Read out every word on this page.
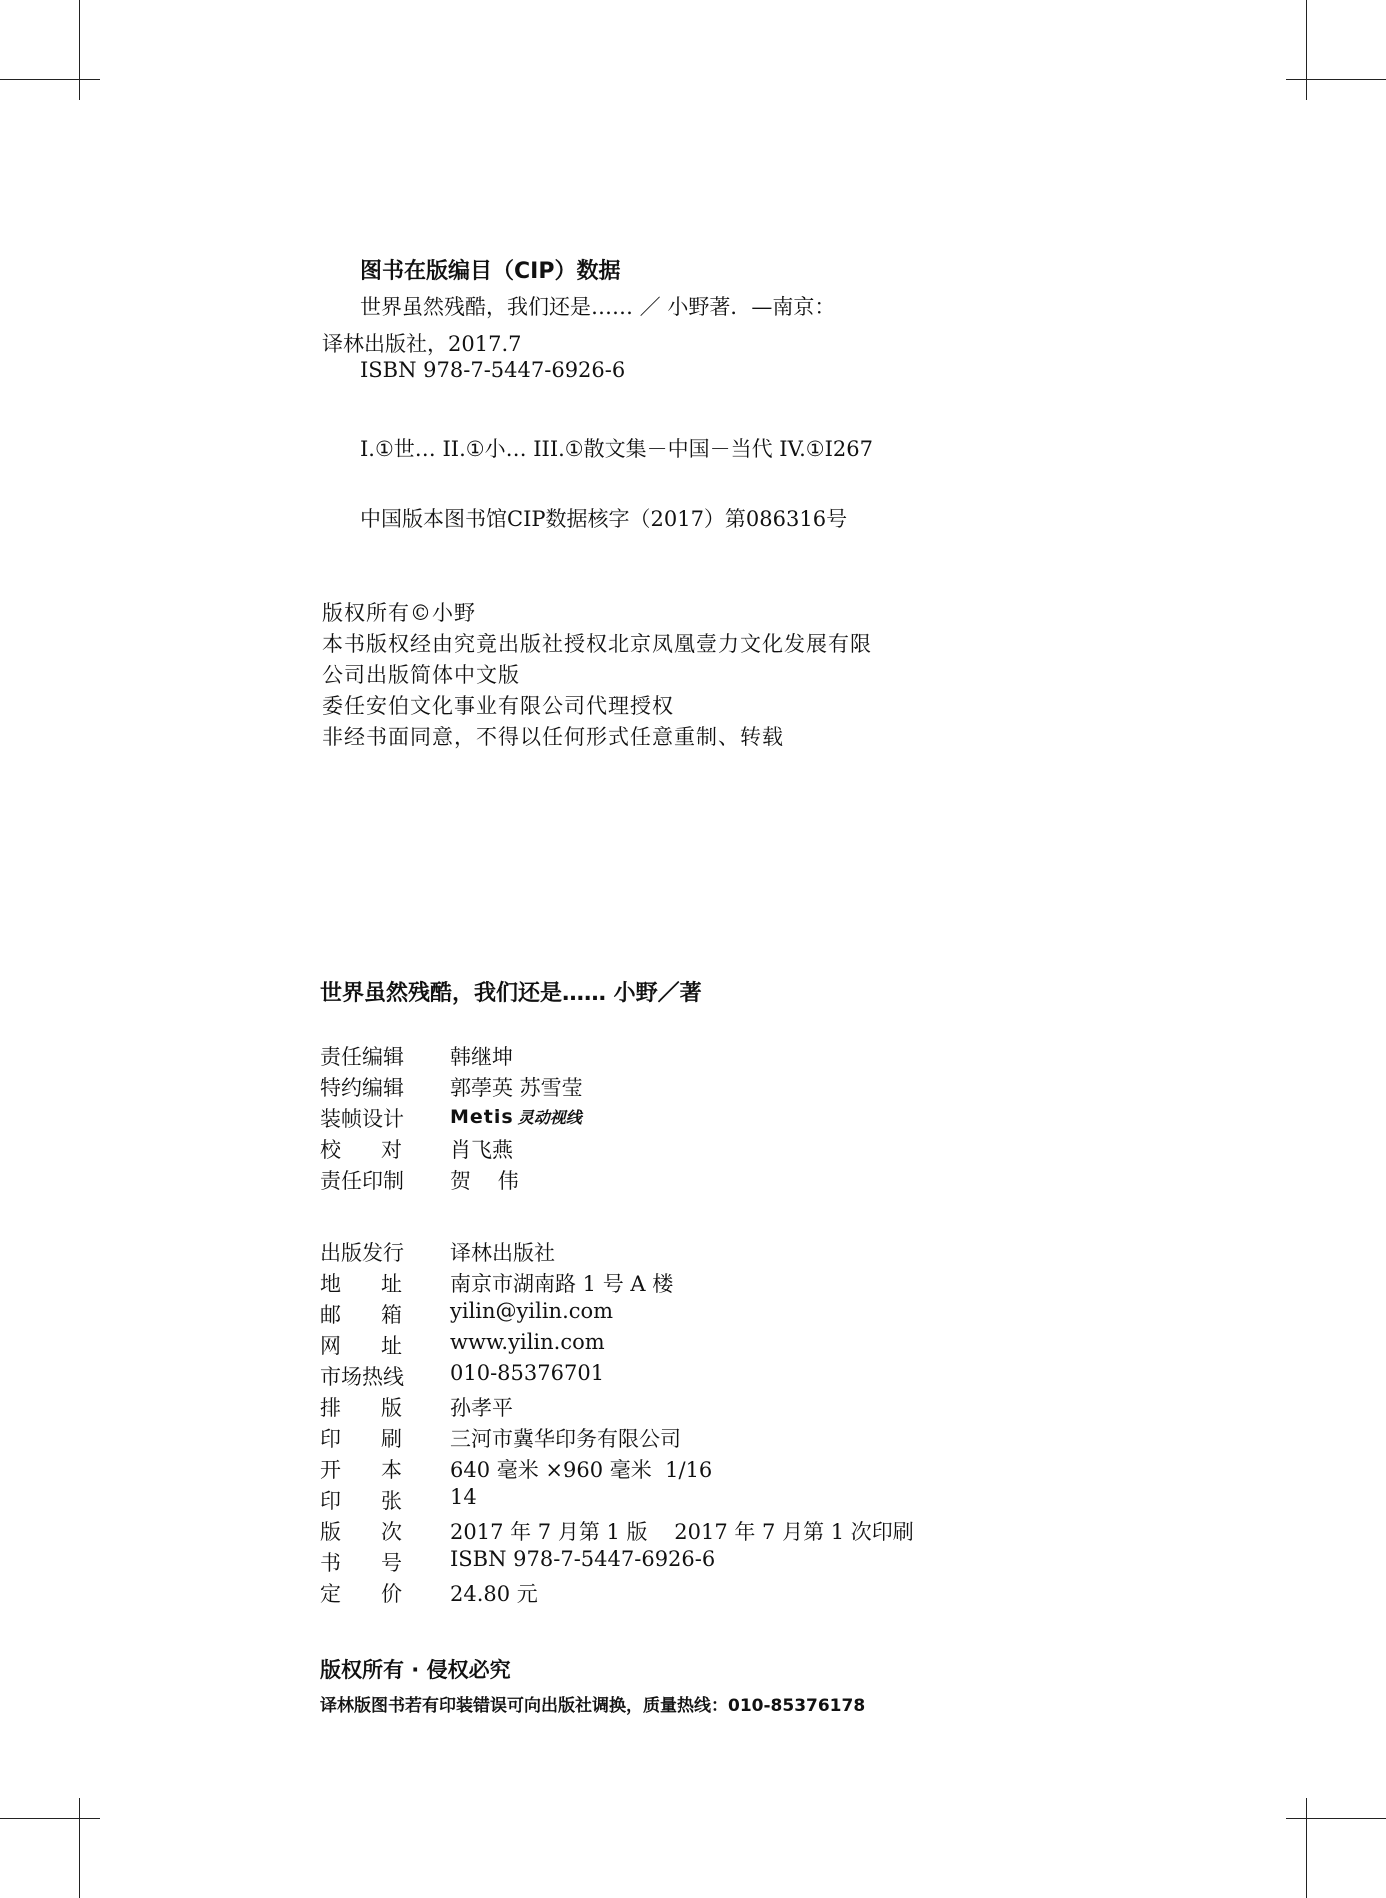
图书在版编目（CIP）数据
世界虽然残酷，我们还是…… ／ 小野著．—南京：
译林出版社，2017.7
ISBN 978-7-5447-6926-6
I.①世… II.①小… III.①散文集－中国－当代 IV.①I267
中国版本图书馆CIP数据核字（2017）第086316号
版权所有©小野
本书版权经由究竟出版社授权北京凤凰壹力文化发展有限
公司出版简体中文版
委任安伯文化事业有限公司代理授权
非经书面同意，不得以任何形式任意重制、转载
世界虽然残酷，我们还是…… 小野／著
责任编辑 韩继坤
特约编辑 郭荸英 苏雪莹
装帧设计 Metis 灵动视线
校      对 肖飞燕
责任印制 贺    伟
出版发行 译林出版社
地      址 南京市湖南路 1 号 A 楼
邮      箱 yilin@yilin.com
网      址 www.yilin.com
市场热线 010-85376701
排      版 孙孝平
印      刷 三河市冀华印务有限公司
开      本 640 毫米 ×960 毫米  1/16
印      张 14
版      次 2017 年 7 月第 1 版    2017 年 7 月第 1 次印刷
书      号 ISBN 978-7-5447-6926-6
定      价 24.80 元
版权所有 · 侵权必究
译林版图书若有印装错误可向出版社调换，质量热线：010-85376178
